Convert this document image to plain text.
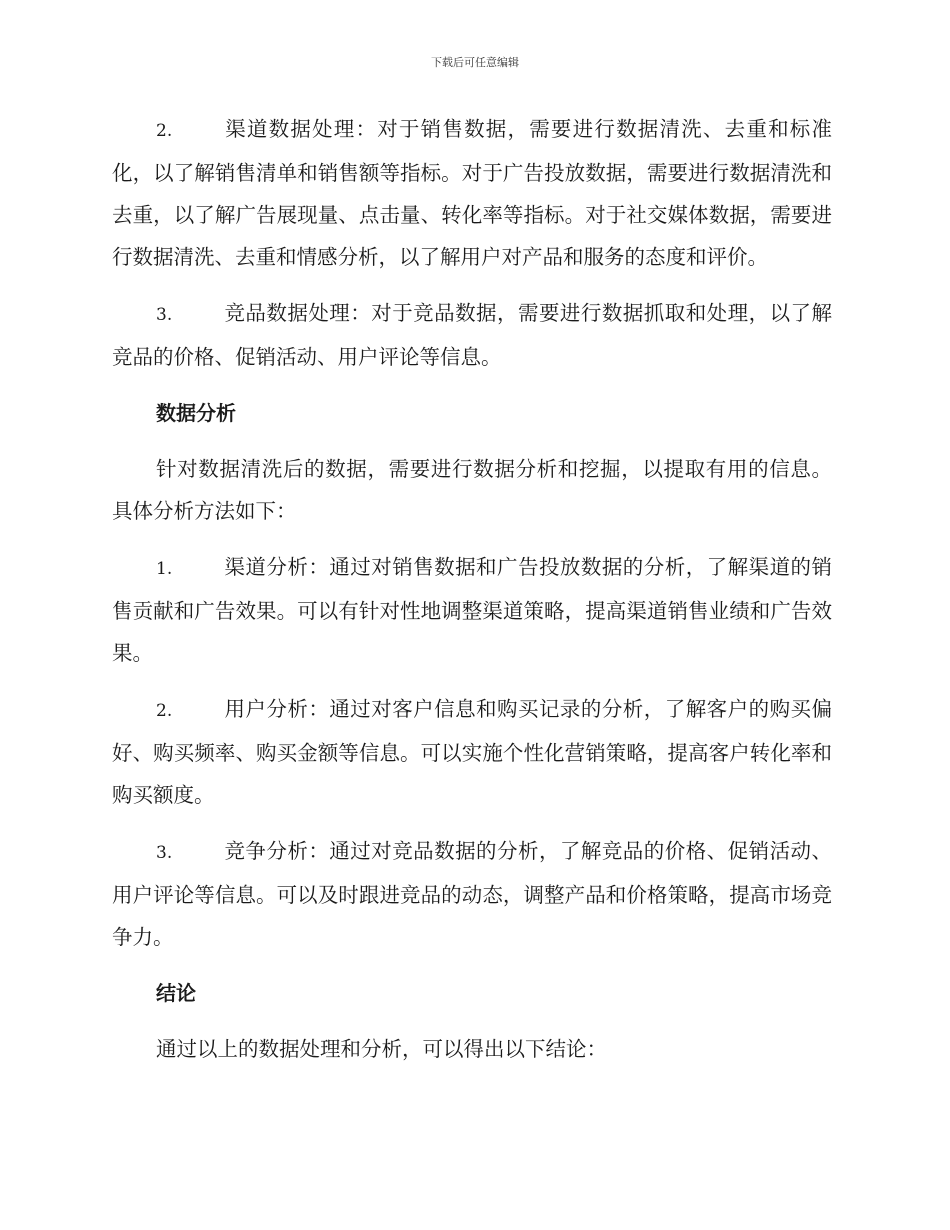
下载后可任意编辑

2.	渠道数据处理：对于销售数据，需要进行数据清洗、去重和标准化，以了解销售清单和销售额等指标。对于广告投放数据，需要进行数据清洗和去重，以了解广告展现量、点击量、转化率等指标。对于社交媒体数据，需要进行数据清洗、去重和情感分析，以了解用户对产品和服务的态度和评价。

3.	竞品数据处理：对于竞品数据，需要进行数据抓取和处理，以了解竞品的价格、促销活动、用户评论等信息。

数据分析

针对数据清洗后的数据，需要进行数据分析和挖掘，以提取有用的信息。具体分析方法如下：

1.	渠道分析：通过对销售数据和广告投放数据的分析，了解渠道的销售贡献和广告效果。可以有针对性地调整渠道策略，提高渠道销售业绩和广告效果。

2.	用户分析：通过对客户信息和购买记录的分析，了解客户的购买偏好、购买频率、购买金额等信息。可以实施个性化营销策略，提高客户转化率和购买额度。

3.	竞争分析：通过对竞品数据的分析，了解竞品的价格、促销活动、用户评论等信息。可以及时跟进竞品的动态，调整产品和价格策略，提高市场竞争力。

结论

通过以上的数据处理和分析，可以得出以下结论：
